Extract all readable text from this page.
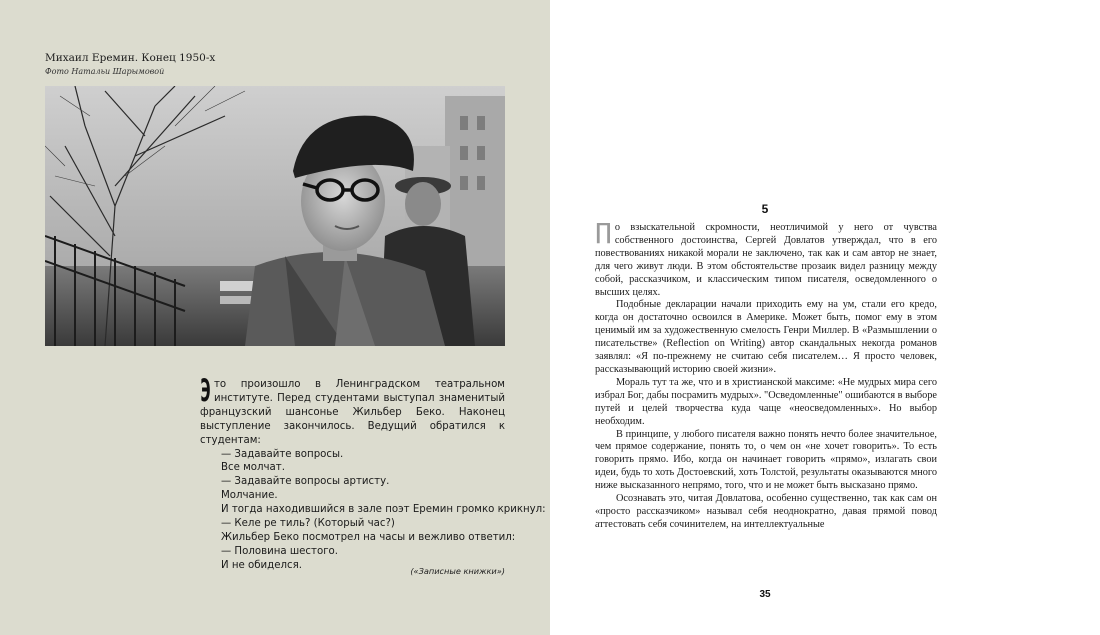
Михаил Еремин. Конец 1950-х
Фото Натальи Шарымовой
Это произошло в Ленинградском театральном институте. Перед студентами выступал знаменитый французский шансонье Жильбер Беко. Наконец выступление закончилось. Ведущий обратился к студентам:
— Задавайте вопросы.
Все молчат.
— Задавайте вопросы артисту.
Молчание.
И тогда находившийся в зале поэт Еремин громко крикнул:
— Келе ре тиль? (Который час?)
Жильбер Беко посмотрел на часы и вежливо ответил:
— Половина шестого.
И не обиделся.
(«Записные книжки»)
5

По взыскательной скромности, неотличимой у него от чувства собственного достоинства, Сергей Довлатов утверждал, что в его повествованиях никакой морали не заключено, так как и сам автор не знает, для чего живут люди. В этом обстоятельстве прозаик видел разницу между собой, рассказчиком, и классическим типом писателя, осведомленного о высших целях.

Подобные декларации начали приходить ему на ум, стали его кредо, когда он достаточно освоился в Америке. Может быть, помог ему в этом ценимый им за художественную смелость Генри Миллер. В «Размышлении о писательстве» (Reflection on Writing) автор скандальных некогда романов заявлял: «Я по-прежнему не считаю себя писателем… Я просто человек, рассказывающий историю своей жизни».

Мораль тут та же, что и в христианской максиме: «Не мудрых мира сего избрал Бог, дабы посрамить мудрых». "Осведомленные" ошибаются в выборе путей и целей творчества куда чаще «неосведомленных». Но выбор необходим.

В принципе, у любого писателя важно понять нечто более значительное, чем прямое содержание, понять то, о чем он «не хочет говорить». То есть говорить прямо. Ибо, когда он начинает говорить «прямо», излагать свои идеи, будь то хоть Достоевский, хоть Толстой, результаты оказываются много ниже высказанного непрямо, того, что и не может быть высказано прямо.

Осознавать это, читая Довлатова, особенно существенно, так как сам он «просто рассказчиком» называл себя неоднократно, давая прямой повод аттестовать себя сочинителем, на интеллектуальные

35
